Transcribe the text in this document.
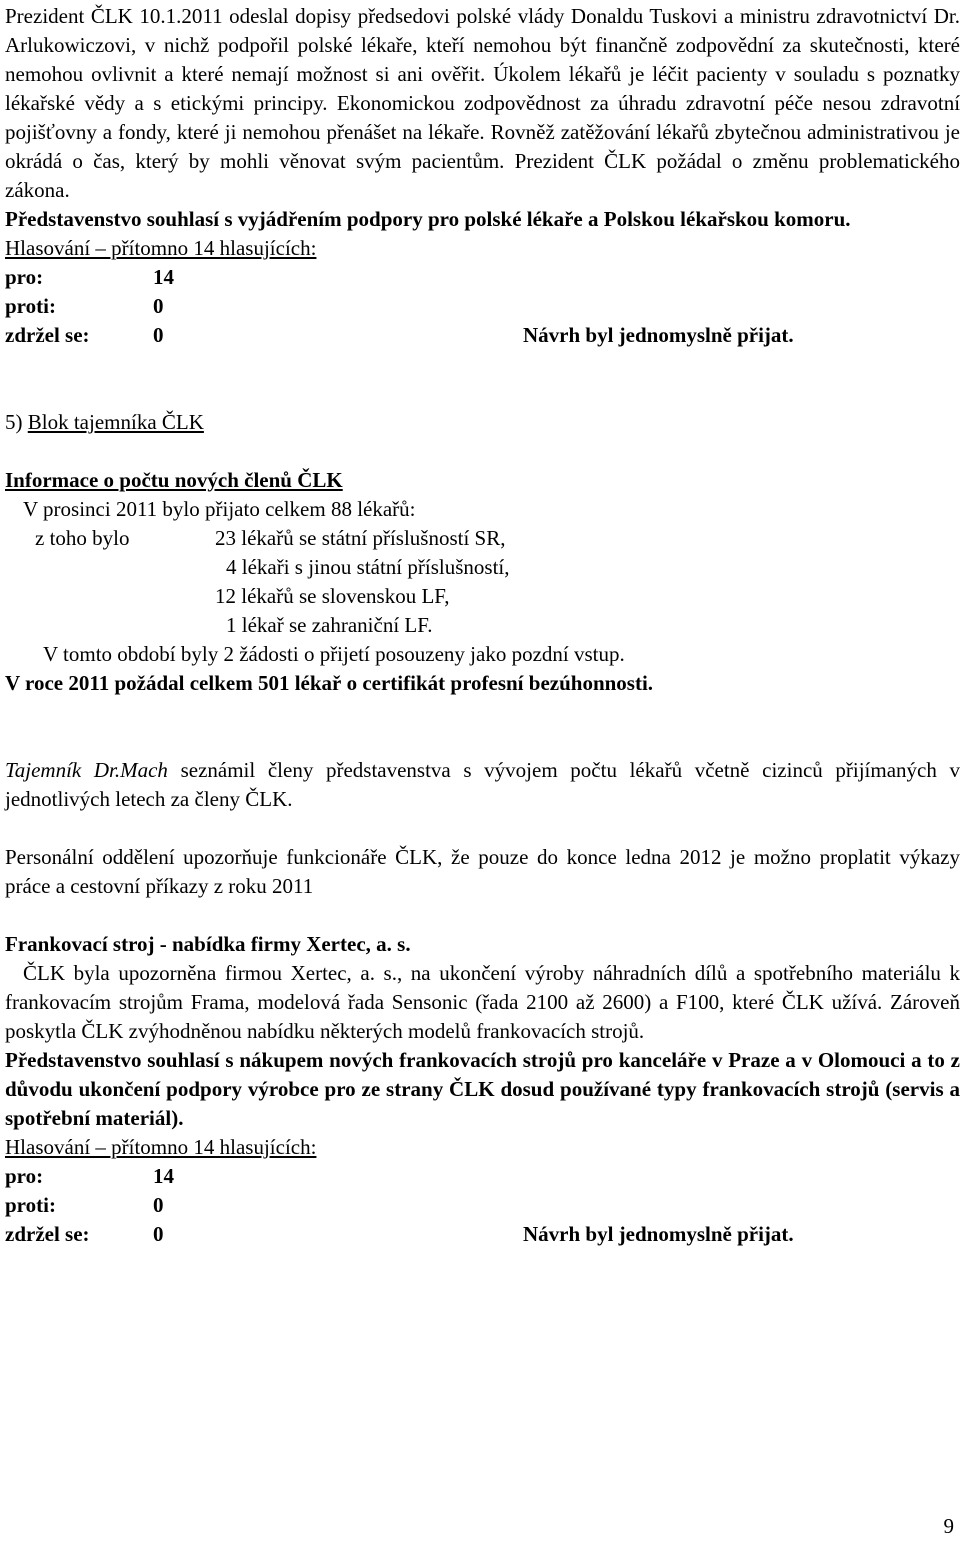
Prezident ČLK 10.1.2011 odeslal dopisy předsedovi polské vlády Donaldu Tuskovi a ministru zdravotnictví Dr. Arlukowiczovi, v nichž podpořil polské lékaře, kteří nemohou být finančně zodpovědní za skutečnosti, které nemohou ovlivnit a které nemají možnost si ani ověřit. Úkolem lékařů je léčit pacienty v souladu s poznatky lékařské vědy a s etickými principy. Ekonomickou zodpovědnost za úhradu zdravotní péče nesou zdravotní pojišťovny a fondy, které ji nemohou přenášet na lékaře. Rovněž zatěžování lékařů zbytečnou administrativou je okrádá o čas, který by mohli věnovat svým pacientům. Prezident ČLK požádal o změnu problematického zákona.

Představenstvo souhlasí s vyjádřením podpory pro polské lékaře a Polskou lékařskou komoru.

Hlasování – přítomno 14 hlasujících:

pro:	14
proti:	0
zdržel se:	0	Návrh byl jednomyslně přijat.

5) Blok tajemníka ČLK

Informace o počtu nových členů ČLK

V prosinci 2011 bylo přijato celkem 88 lékařů:

z toho bylo	23 lékařů se státní příslušností SR,
4 lékaři s jinou státní příslušností,
12 lékařů se slovenskou LF,
1 lékař se zahraniční LF.

V tomto období byly 2 žádosti o přijetí posouzeny jako pozdní vstup.

V roce 2011 požádal celkem 501 lékař o certifikát profesní bezúhonnosti.

Tajemník Dr.Mach seznámil členy představenstva s vývojem počtu lékařů včetně cizinců přijímaných v jednotlivých letech za členy ČLK.

Personální oddělení upozorňuje funkcionáře ČLK, že pouze do konce ledna 2012 je možno proplatit výkazy práce a cestovní příkazy z roku 2011

Frankovací stroj - nabídka firmy Xertec, a. s.

ČLK byla upozorněna firmou Xertec, a. s., na ukončení výroby náhradních dílů a spotřebního materiálu k frankovacím strojům Frama, modelová řada Sensonic (řada 2100 až 2600) a F100, které ČLK užívá. Zároveň poskytla ČLK zvýhodněnou nabídku některých modelů frankovacích strojů.

Představenstvo souhlasí s nákupem nových frankovacích strojů pro kanceláře v Praze a v Olomouci a to z důvodu ukončení podpory výrobce pro ze strany ČLK dosud používané typy frankovacích strojů (servis a spotřební materiál).

Hlasování – přítomno 14 hlasujících:

pro:	14
proti:	0
zdržel se:	0	Návrh byl jednomyslně přijat.
9
